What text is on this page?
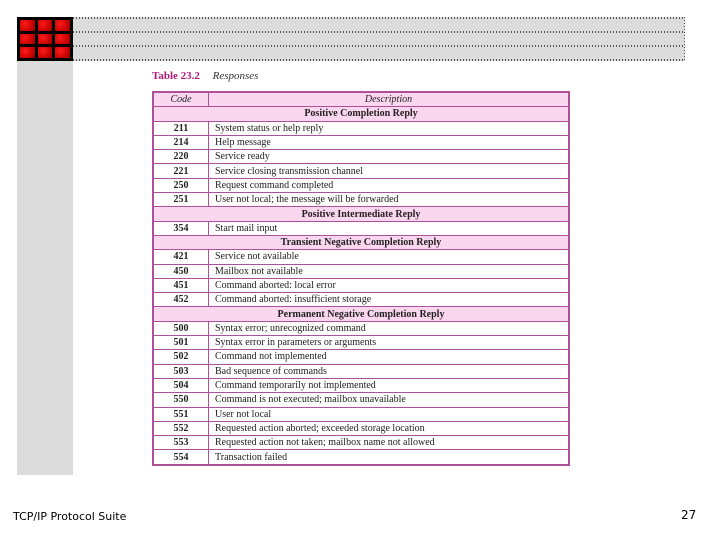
Table 23.2 Responses
Code	Description
Positive Completion Reply	
211	System status or help reply
214	Help message
220	Service ready
221	Service closing transmission channel
250	Request command completed
251	User not local; the message will be forwarded
Positive Intermediate Reply	
354	Start mail input
Transient Negative Completion Reply	
421	Service not available
450	Mailbox not available
451	Command aborted: local error
452	Command aborted: insufficient storage
Permanent Negative Completion Reply	
500	Syntax error; unrecognized command
501	Syntax error in parameters or arguments
502	Command not implemented
503	Bad sequence of commands
504	Command temporarily not implemented
550	Command is not executed; mailbox unavailable
551	User not local
552	Requested action aborted; exceeded storage location
553	Requested action not taken; mailbox name not allowed
554	Transaction failed
TCP/IP Protocol Suite	27
